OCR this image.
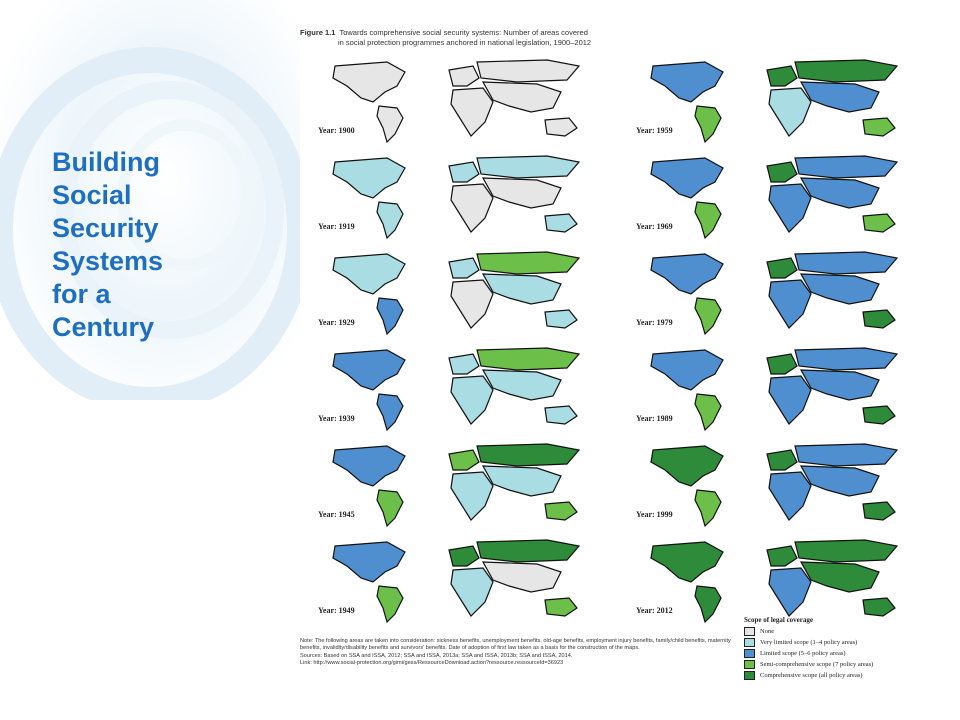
Building
Social
Security
Systems
for a
Century
Figure 1.1 Towards comprehensive social security systems: Number of areas covered
in social protection programmes anchored in national legislation, 1900–2012
Year: 1900
Year: 1919
Year: 1929
Year: 1939
Year: 1945
Year: 1949
Year: 1959
Year: 1969
Year: 1979
Year: 1989
Year: 1999
Year: 2012
Scope of legal coverage
None
Very limited scope (1–4 policy areas)
Limited scope (5–6 policy areas)
Semi-comprehensive scope (7 policy areas)
Comprehensive scope (all policy areas)
Note: The following areas are taken into consideration: sickness benefits, unemployment benefits, old-age benefits, employment injury benefits, family/child benefits, maternity benefits, invalidity/disability benefits and survivors' benefits. Date of adoption of first law taken as a basis for the construction of the maps.
Sources: Based on SSA and ISSA, 2012; SSA and ISSA, 2013a; SSA and ISSA, 2013b; SSA and ISSA, 2014.
Link: http://www.social-protection.org/gimi/gess/RessourceDownload.action?ressource.ressourceId=36923
